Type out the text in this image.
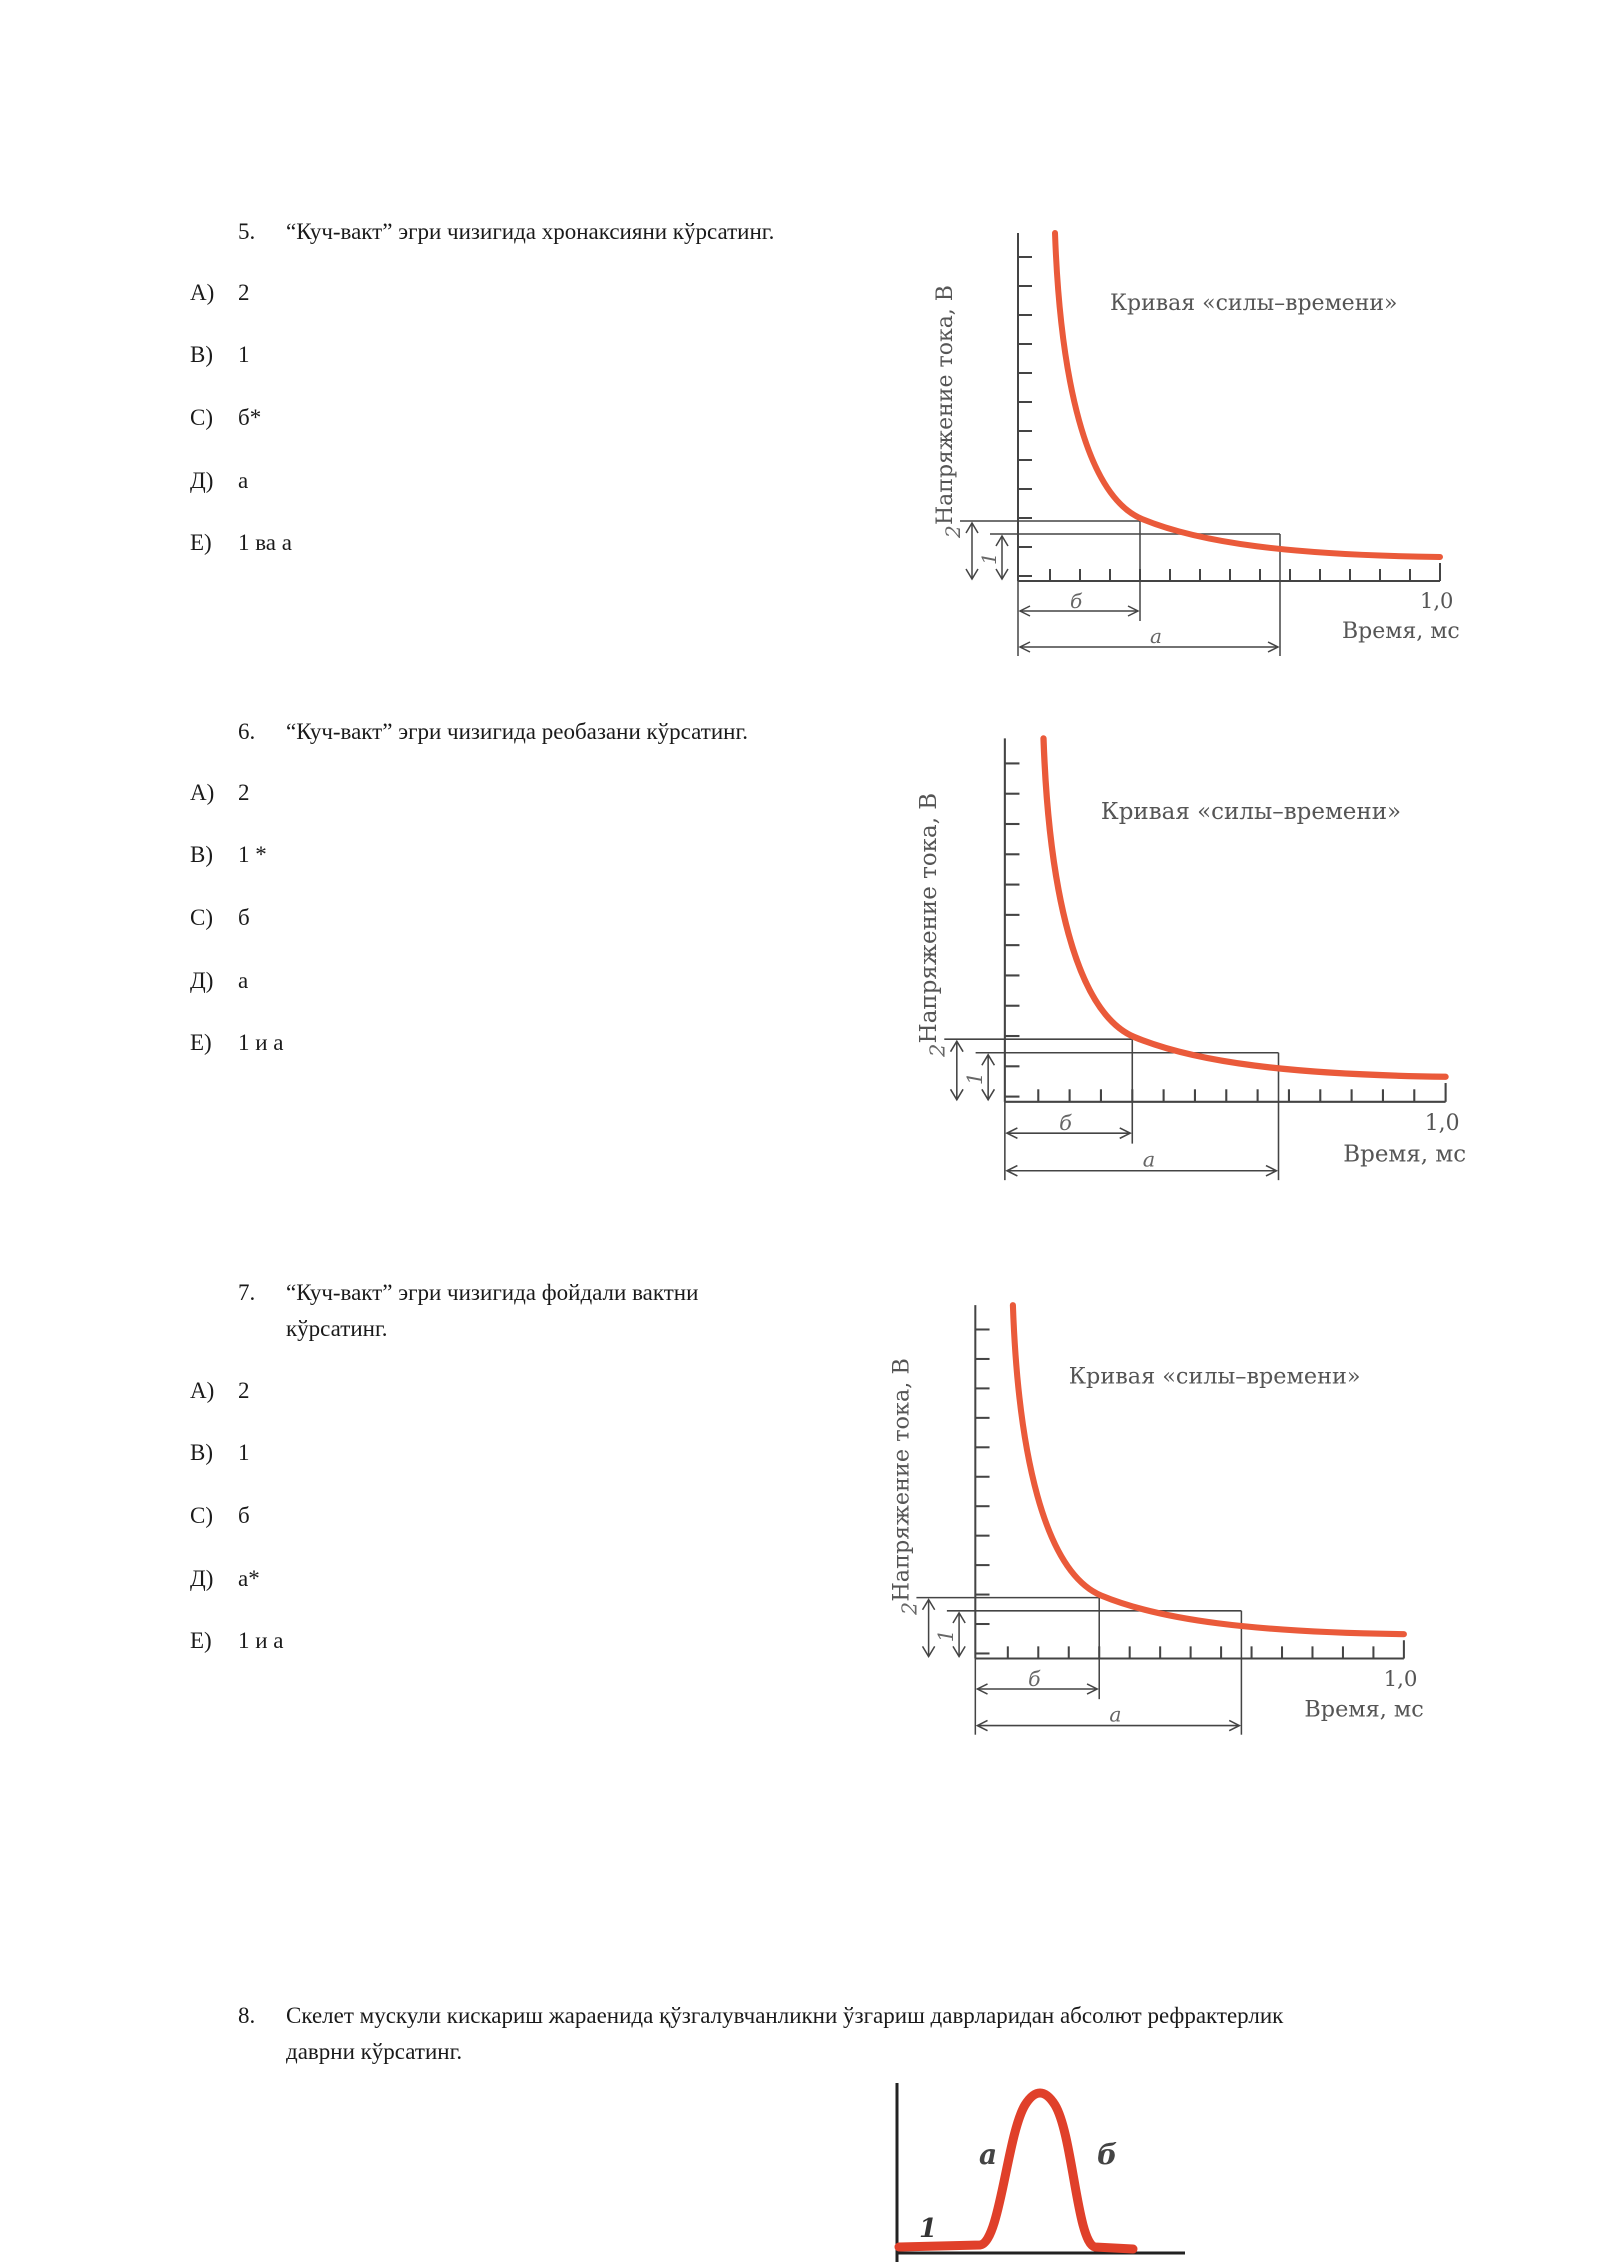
5. “Куч-вакт” эгри чизигида хронаксияни кўрсатинг.
А) 2
В) 1
С) б*
Д) а
Е) 1 ва а
Кривая «силы–времени»
Время, мс
1,0
б
а
2
1
Напряжение тока, В
6. “Куч-вакт” эгри чизигида реобазани кўрсатинг.
А) 2
В) 1 *
С) б
Д) а
Е) 1 и а
Кривая «силы–времени»
Время, мс
1,0
б
а
2
1
Напряжение тока, В
7. “Куч-вакт” эгри чизигида фойдали вактни
кўрсатинг.
А) 2
В) 1
С) б
Д) а*
Е) 1 и а
Кривая «силы–времени»
Время, мс
1,0
б
а
2
1
Напряжение тока, В
8. Скелет мускули кискариш жараенида қўзгалувчанликни ўзгариш даврларидан абсолют рефрактерлик
даврни кўрсатинг.
1
а	б
